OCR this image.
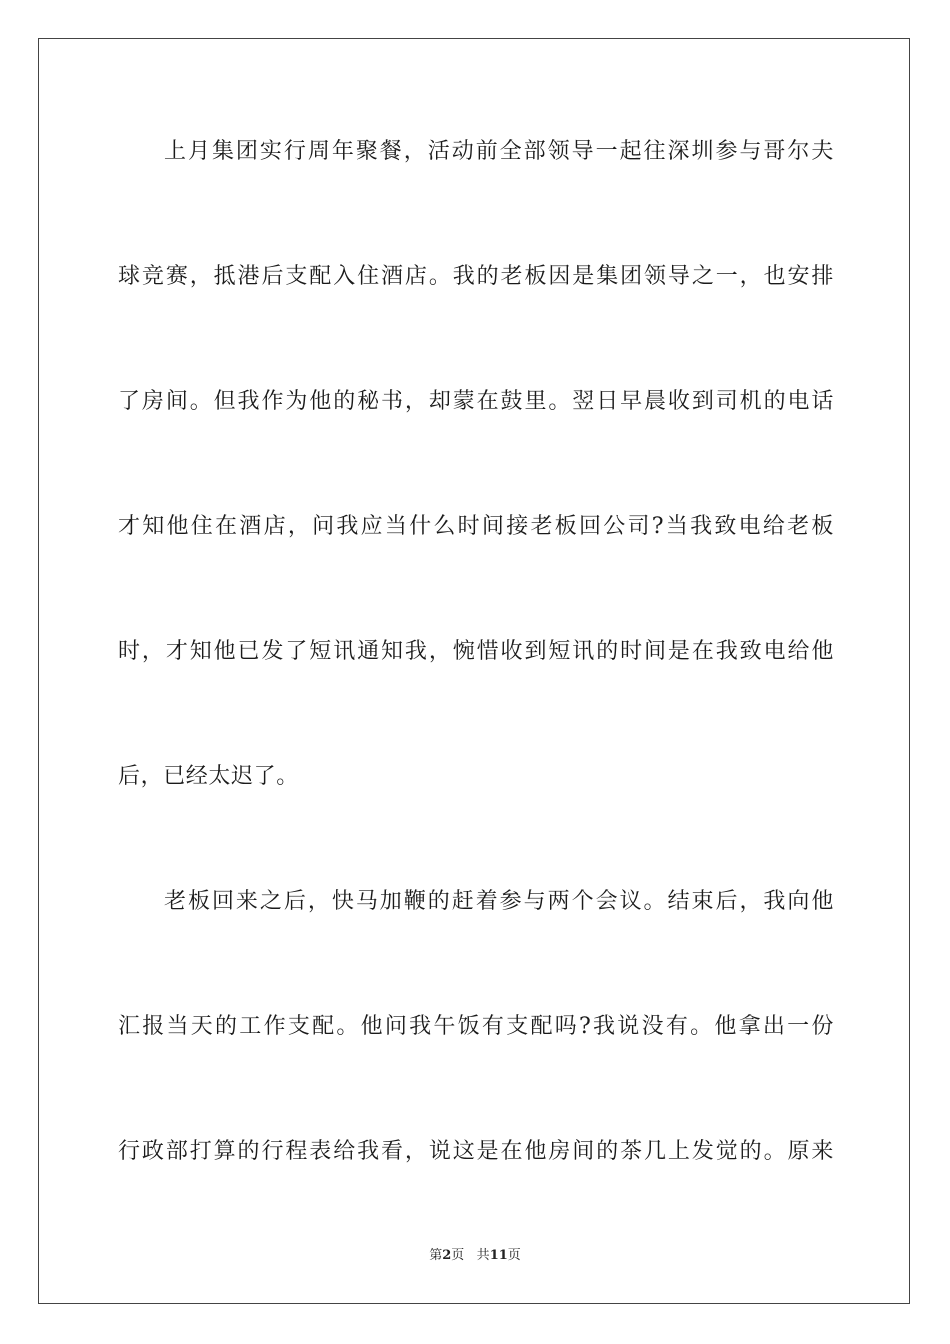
上月集团实行周年聚餐，活动前全部领导一起往深圳参与哥尔夫
球竞赛，抵港后支配入住酒店。我的老板因是集团领导之一，也安排
了房间。但我作为他的秘书，却蒙在鼓里。翌日早晨收到司机的电话
才知他住在酒店，问我应当什么时间接老板回公司?当我致电给老板
时，才知他已发了短讯通知我，惋惜收到短讯的时间是在我致电给他
后，已经太迟了。
老板回来之后，快马加鞭的赶着参与两个会议。结束后，我向他
汇报当天的工作支配。他问我午饭有支配吗?我说没有。他拿出一份
行政部打算的行程表给我看，说这是在他房间的茶几上发觉的。原来
第2页 共11页
